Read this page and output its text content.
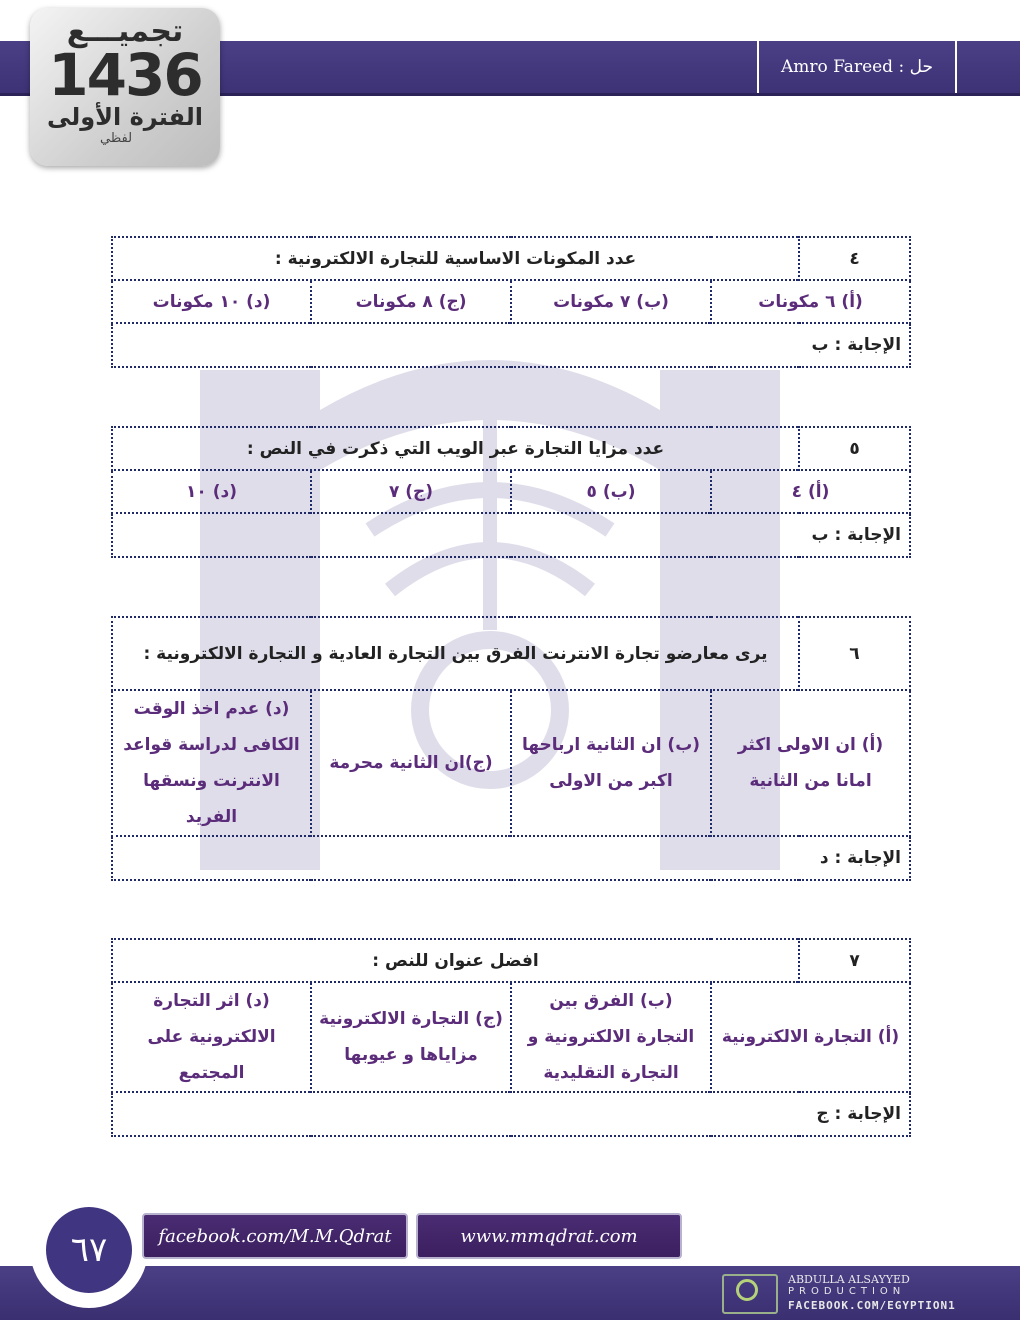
حل :

Amro Fareed
تجميـــع
1436
الفترة الأولى
لفظي
٤	عدد المكونات الاساسية للتجارة الالكترونية :			
(أ) ٦ مكونات		(ب) ٧ مكونات	(ج) ٨ مكونات	(د) ١٠ مكونات
الإجابة : ب				
٥	عدد مزايا التجارة عبر الويب التي ذكرت في النص :			
(أ) ٤		(ب) ٥	(ج) ٧	(د) ١٠
الإجابة : ب				
٦	يرى معارضو تجارة الانترنت الفرق بين التجارة العادية و التجارة الالكترونية :			
(أ) ان الاولى اكثر امانا من الثانية		(ب) ان الثانية ارباحها اكبر من الاولى	(ج)ان الثانية محرمة	(د) عدم اخذ الوقت الكافى لدراسة قواعد الانترنت ونسقها الفريد
الإجابة : د				
٧	افضل عنوان للنص :			
(أ) التجارة الالكترونية		(ب) الفرق بين التجارة الالكترونية و التجارة التقليدية	(ج) التجارة الالكترونية مزاياها و عيوبها	(د) اثر التجارة الالكترونية على المجتمع
الإجابة : ج				
٦٧	facebook.com/M.M.Qdrat	www.mmqdrat.com
ABDULLA ALSAYYED
PRODUCTION
FACEBOOK.COM/EGYPTION1
